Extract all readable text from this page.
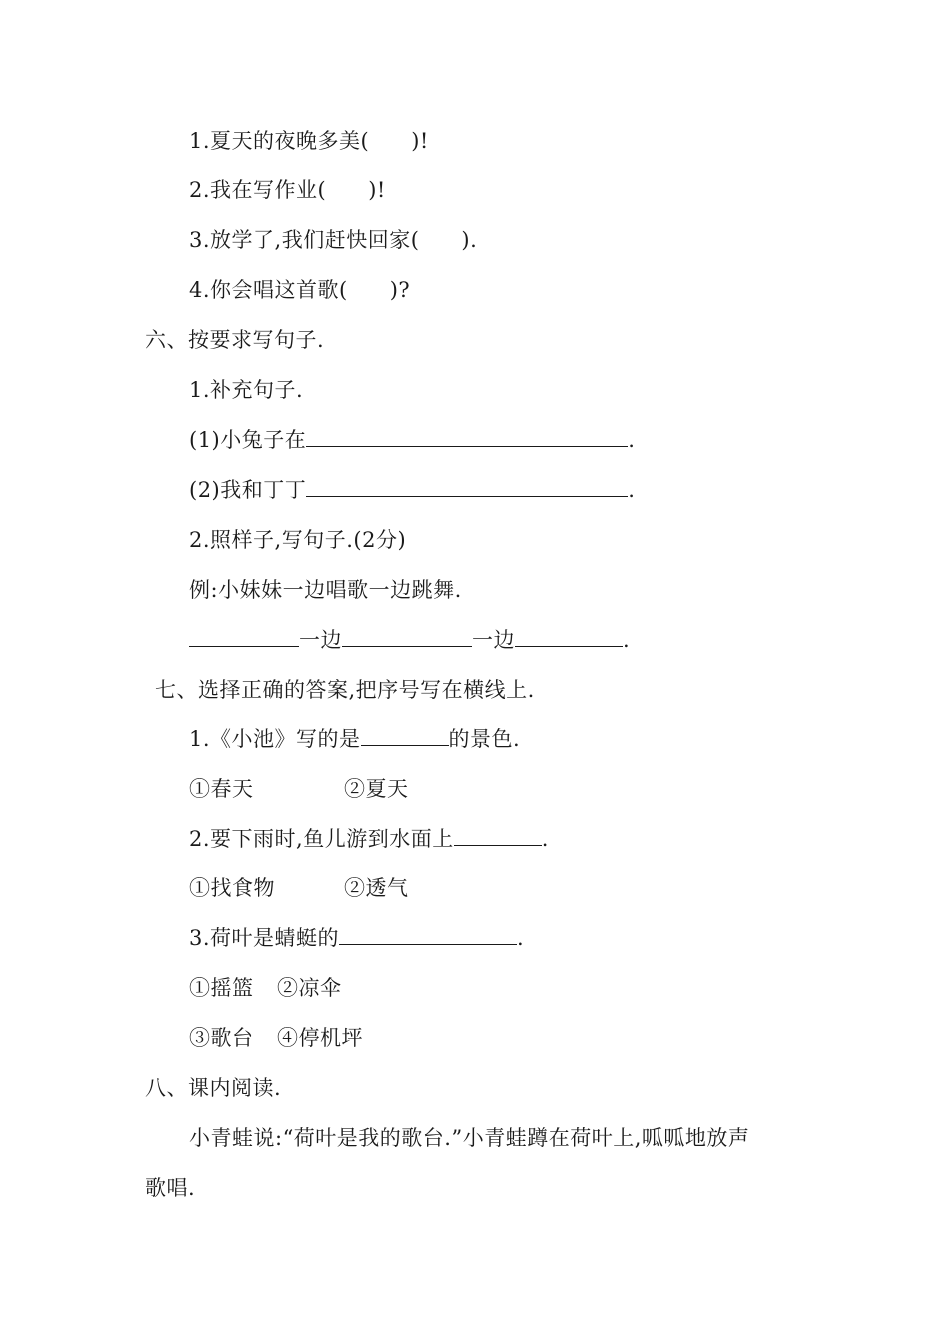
1.夏天的夜晚多美( )!
2.我在写作业( )!
3.放学了,我们赶快回家( ).
4.你会唱这首歌( )?
六、按要求写句子.
1.补充句子.
(1)小兔子在	.
(2)我和丁丁	.
2.照样子,写句子.(2分)
例:小妹妹一边唱歌一边跳舞.
一边	一边	.
七、选择正确的答案,把序号写在横线上.
1.《小池》写的是	的景色.
①春天	②夏天
2.要下雨时,鱼儿游到水面上	.
①找食物	②透气
3.荷叶是蜻蜓的	.
①摇篮 ②凉伞
③歌台 ④停机坪
八、课内阅读.
小青蛙说:“荷叶是我的歌台.”小青蛙蹲在荷叶上,呱呱地放声
歌唱.
